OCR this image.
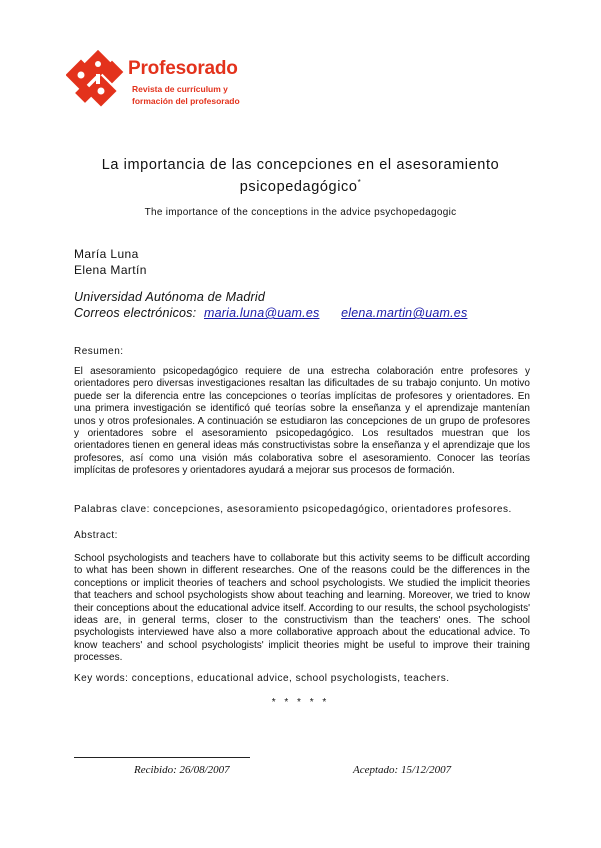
Profesorado
Revista de currículum y
formación del profesorado
La importancia de las concepciones en el asesoramiento
psicopedagógico*
The importance of the conceptions in the advice psychopedagogic
María Luna
Elena Martín
Universidad Autónoma de Madrid
Correos electrónicos: maria.luna@uam.es elena.martin@uam.es
Resumen:
El asesoramiento psicopedagógico requiere de una estrecha colaboración entre profesores y orientadores pero diversas investigaciones resaltan las dificultades de su trabajo conjunto. Un motivo puede ser la diferencia entre las concepciones o teorías implícitas de profesores y orientadores. En una primera investigación se identificó qué teorías sobre la enseñanza y el aprendizaje mantenían unos y otros profesionales. A continuación se estudiaron las concepciones de un grupo de profesores y orientadores sobre el asesoramiento psicopedagógico. Los resultados muestran que los orientadores tienen en general ideas más constructivistas sobre la enseñanza y el aprendizaje que los profesores, así como una visión más colaborativa sobre el asesoramiento. Conocer las teorías implícitas de profesores y orientadores ayudará a mejorar sus procesos de formación.
Palabras clave: concepciones, asesoramiento psicopedagógico, orientadores profesores.
Abstract:
School psychologists and teachers have to collaborate but this activity seems to be difficult according to what has been shown in different researches. One of the reasons could be the differences in the conceptions or implicit theories of teachers and school psychologists. We studied the implicit theories that teachers and school psychologists show about teaching and learning. Moreover, we tried to know their conceptions about the educational advice itself. According to our results, the school psychologists' ideas are, in general terms, closer to the constructivism than the teachers' ones. The school psychologists interviewed have also a more collaborative approach about the educational advice. To know teachers' and school psychologists' implicit theories might be useful to improve their training processes.
Key words: conceptions, educational advice, school psychologists, teachers.
* * * * *
Recibido: 26/08/2007	Aceptado: 15/12/2007
